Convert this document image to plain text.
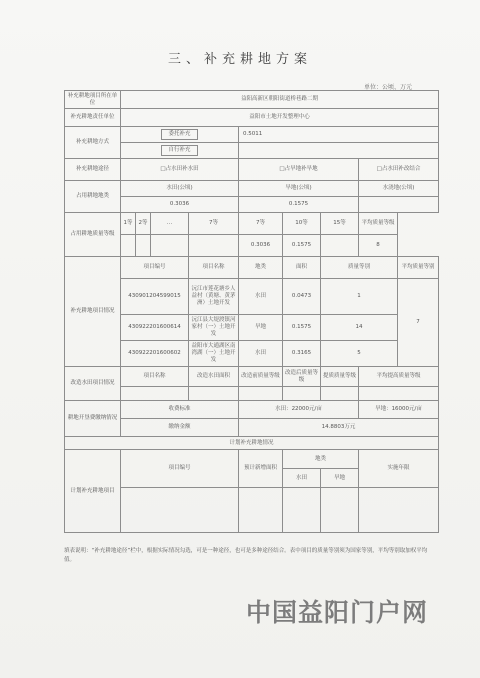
三、补充耕地方案
单位：公顷、万元
补充耕地项目所在单位	益阳高新区朝阳街道桥巷路二期								
补充耕地责任单位	益阳市土地开发整理中心								
补充耕地方式	委托补充				0.5011				
	自行补充								
补充耕地途径	□占水田补水田				□占旱地补旱地			□占水田补改结合	
占用耕地地类	水田(公顷)				旱地(公顷)			水浇地(公顷)	
	0.3036				0.1575				
占用耕地质量等级	1等	2等	…	7等	7等	10等	15等	平均质量等级	
					0.3036	0.1575		8	
补充耕地项目情况	项目编号			项目名称	地类	面积	质量等别		平均质量等别
	430901204599015			沅江市莲花塘乡人益村（黄塘、黄茅洲）土地开发	水田	0.0473	1		7
	430922201600614			沅江县大堤渡镇河家村（一）土地开发	旱地	0.1575	14		
	430922201600602			益阳市大通湖区南湾湖（一）土地开发	水田	0.3165	5		
改造水田项目情况	项目名称			改造水田面积	改造前质量等级	改造后质量等级	提质质量等级	平均提高质量等级	

耕地开垦费缴纳情况	收费标准				水田：22000元/亩			旱地：16000元/亩	
	缴纳金额				14.8803万元				
计划补充耕地情况									
计划补充耕地项目	项目编号				预计新增面积	地类		实施年限	
						水田	旱地		

填表说明：“补充耕地途径”栏中，根据实际情况勾选，可是一种途径，也可是多种途径结合。表中项目的质量等别须为国家等别，平均等别取加权平均值。
中国益阳门户网
